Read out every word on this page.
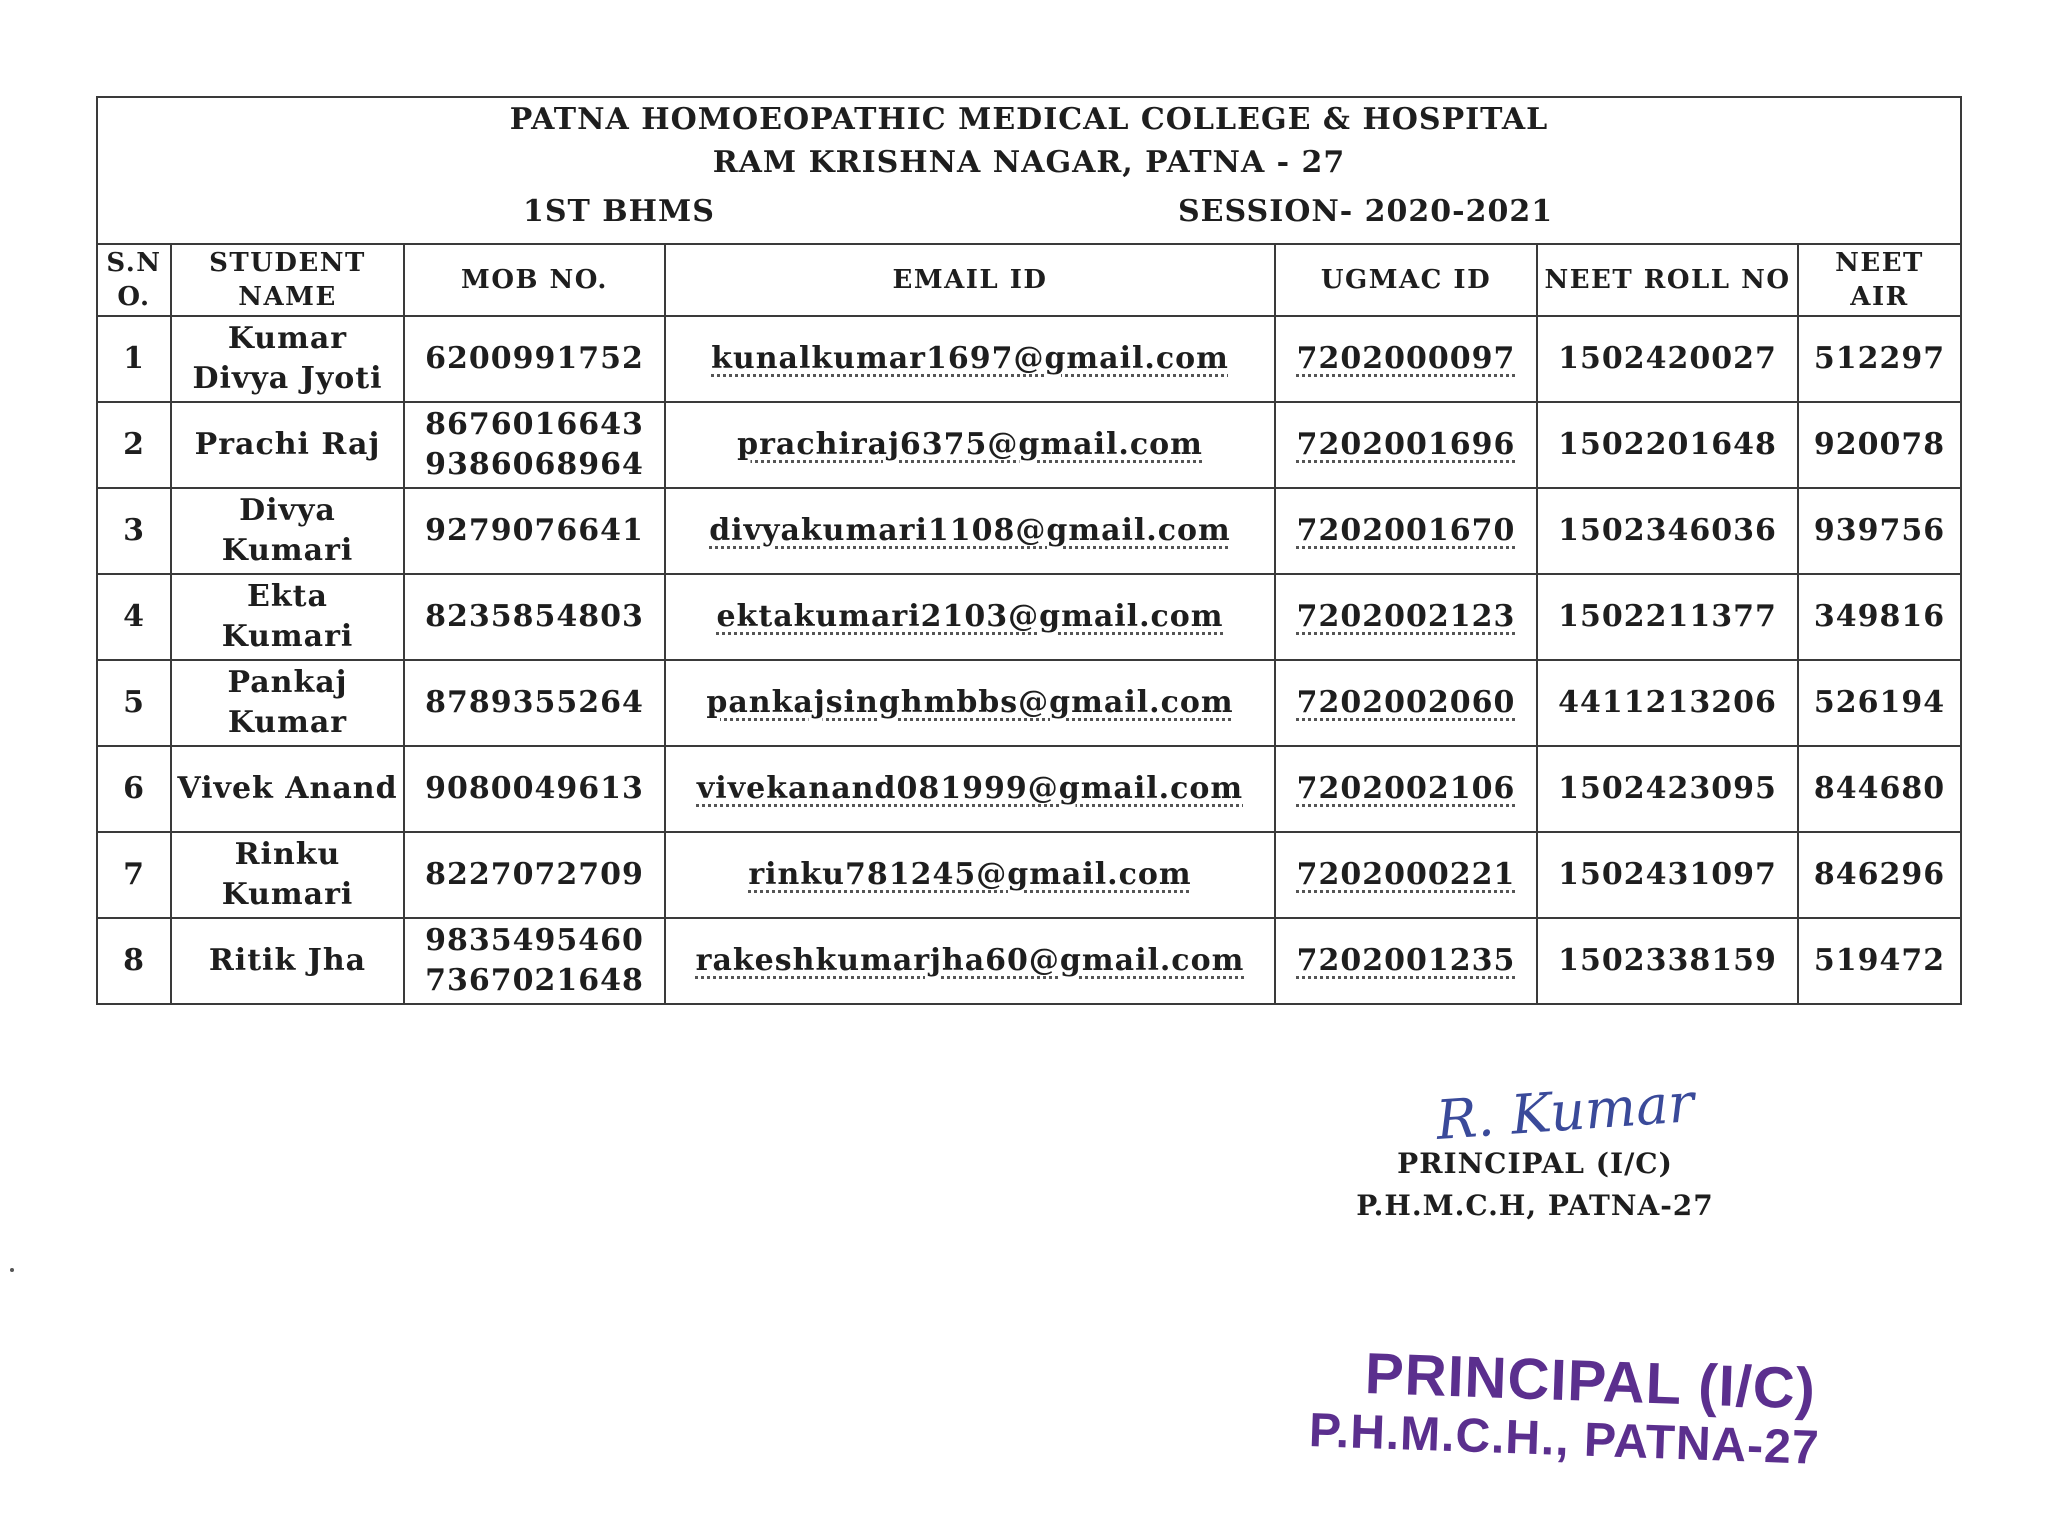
PATNA HOMOEOPATHIC MEDICAL COLLEGE & HOSPITAL
RAM KRISHNA NAGAR, PATNA - 27
1ST BHMS SESSION- 2020-2021						

S.N O.	STUDENT NAME	MOB NO.	EMAIL ID	UGMAC ID	NEET ROLL NO	NEET AIR
1	Kumar Divya Jyoti	6200991752	kunalkumar1697@gmail.com	7202000097	1502420027	512297
2	Prachi Raj	8676016643 9386068964	prachiraj6375@gmail.com	7202001696	1502201648	920078
3	Divya Kumari	9279076641	divyakumari1108@gmail.com	7202001670	1502346036	939756
4	Ekta Kumari	8235854803	ektakumari2103@gmail.com	7202002123	1502211377	349816
5	Pankaj Kumar	8789355264	pankajsinghmbbs@gmail.com	7202002060	4411213206	526194
6	Vivek Anand	9080049613	vivekanand081999@gmail.com	7202002106	1502423095	844680
7	Rinku Kumari	8227072709	rinku781245@gmail.com	7202000221	1502431097	846296
8	Ritik Jha	9835495460 7367021648	rakeshkumarjha60@gmail.com	7202001235	1502338159	519472
R. Kumar
PRINCIPAL (I/C)
P.H.M.C.H, PATNA-27
PRINCIPAL (I/C)
P.H.M.C.H., PATNA-27
